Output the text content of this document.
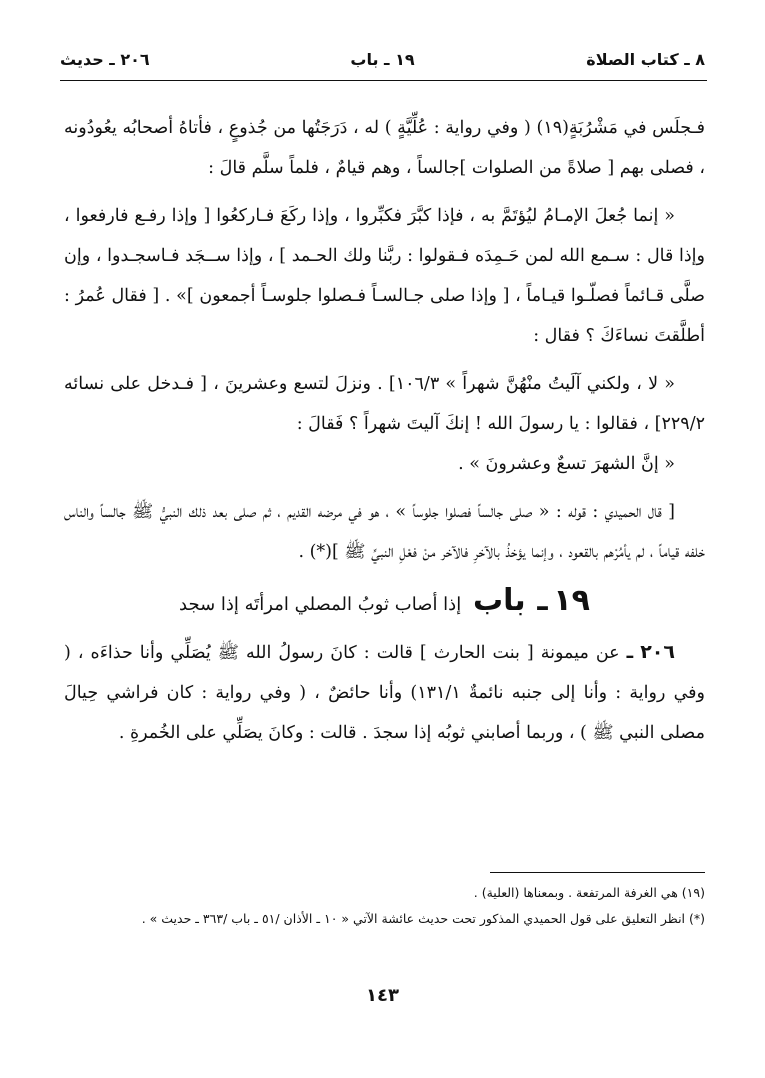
٨ ـ كتاب الصلاة
١٩ ـ باب
٢٠٦ ـ حديث

فـجلَس في مَشْرُبَةٍ(١٩) ( وفي رواية : عُلِّيَّةٍ ) له ، دَرَجَتُها من جُذوعٍ ، فأتاهُ أصحابُه يعُودُونه ، فصلى بهم [ صلاةً من الصلوات ]جالساً ، وهم قيامٌ ، فلماً سلَّم قالَ :

« إنما جُعلَ الإمـامُ ليُؤتَمَّ به ، فإذا كبَّرَ فكبِّروا ، وإذا ركَعَ فـاركعُوا [ وإذا رفـع فارفعوا ، وإذا قال : سـمع الله لمن حَـمِدَه فـقولوا : ربَّنا ولك الحـمد ] ، وإذا ســجَد فـاسجـدوا ، وإن صلَّى قـائماً فصلّـوا قيـاماً ، [ وإذا صلى جـالسـاً فـصلوا جلوسـاً أجمعون ]» . [ فقال عُمرُ : أطلَّقتَ نساءَكَ ؟ فقال :

« لا ، ولكني آلَيتُ منْهُنَّ شهراً » ١٠٦/٣] . ونزلَ لتسع وعشرينَ ، [ فـدخل على نسائه ٢٢٩/٢] ، فقالوا : يا رسولَ الله ! إنكَ آليتَ شهراً ؟ فَقالَ :

« إنَّ الشهرَ تسعٌ وعشرونَ » .

[ قال الحميدي : قوله : « صلى جالساً فصلوا جلوساً » ، هو في مرضه القديم ، ثم صلى بعد ذلك النبيُّ ﷺ جالساً والناس خلفه قياماً ، لم يأمُرْهم بالقعود ، وإنما يؤخذُ بالآخرِ فالآخر منْ فعْلِ النبيِّ ﷺ ](*) .

١٩ ـ باب إذا أصاب ثوبُ المصلي امرأتَه إذا سجد

٢٠٦ ـ عن ميمونة [ بنت الحارث ] قالت : كانَ رسولُ الله ﷺ يُصَلِّي وأنا حذاءَه ، ( وفي رواية : وأنا إلى جنبه نائمةٌ ١٣١/١) وأنا حائضٌ ، ( وفي رواية : كان فراشي حِيالَ مصلى النبي ﷺ ) ، وربما أصابني ثوبُه إذا سجدَ . قالت : وكانَ يصَلِّي على الخُمرةِ .

(١٩) هي الغرفة المرتفعة . وبمعناها (العلية) .

(*) انظر التعليق على قول الحميدي المذكور تحت حديث عائشة الآتي « ١٠ ـ الأذان /٥١ ـ باب /٣٦٣ ـ حديث » .

١٤٣
